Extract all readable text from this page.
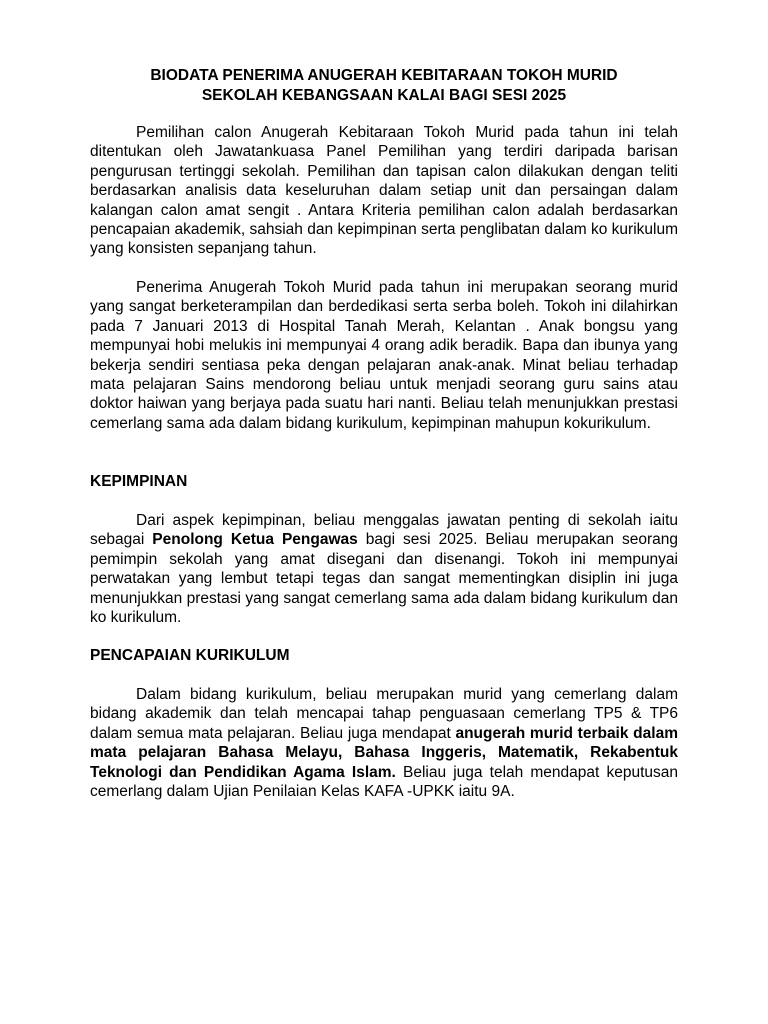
BIODATA PENERIMA ANUGERAH KEBITARAAN TOKOH MURID
SEKOLAH KEBANGSAAN KALAI BAGI SESI 2025

Pemilihan calon Anugerah Kebitaraan Tokoh Murid pada tahun ini telah ditentukan oleh Jawatankuasa Panel Pemilihan yang terdiri daripada barisan pengurusan tertinggi sekolah. Pemilihan dan tapisan calon dilakukan dengan teliti berdasarkan analisis data keseluruhan dalam setiap unit dan persaingan dalam kalangan calon amat sengit . Antara Kriteria pemilihan calon adalah berdasarkan pencapaian akademik, sahsiah dan kepimpinan serta penglibatan dalam ko kurikulum yang konsisten sepanjang tahun.

Penerima Anugerah Tokoh Murid pada tahun ini merupakan seorang murid yang sangat berketerampilan dan berdedikasi serta serba boleh. Tokoh ini dilahirkan pada 7 Januari 2013 di Hospital Tanah Merah, Kelantan . Anak bongsu yang mempunyai hobi melukis ini mempunyai 4 orang adik beradik. Bapa dan ibunya yang bekerja sendiri sentiasa peka dengan pelajaran anak-anak. Minat beliau terhadap mata pelajaran Sains mendorong beliau untuk menjadi seorang guru sains atau doktor haiwan yang berjaya pada suatu hari nanti. Beliau telah menunjukkan prestasi cemerlang sama ada dalam bidang kurikulum, kepimpinan mahupun kokurikulum.

KEPIMPINAN

Dari aspek kepimpinan, beliau menggalas jawatan penting di sekolah iaitu sebagai Penolong Ketua Pengawas bagi sesi 2025. Beliau merupakan seorang pemimpin sekolah yang amat disegani dan disenangi. Tokoh ini mempunyai perwatakan yang lembut tetapi tegas dan sangat mementingkan disiplin ini juga menunjukkan prestasi yang sangat cemerlang sama ada dalam bidang kurikulum dan ko kurikulum.

PENCAPAIAN KURIKULUM

Dalam bidang kurikulum, beliau merupakan murid yang cemerlang dalam bidang akademik dan telah mencapai tahap penguasaan cemerlang TP5 & TP6 dalam semua mata pelajaran. Beliau juga mendapat anugerah murid terbaik dalam mata pelajaran Bahasa Melayu, Bahasa Inggeris, Matematik, Rekabentuk Teknologi dan Pendidikan Agama Islam. Beliau juga telah mendapat keputusan cemerlang dalam Ujian Penilaian Kelas KAFA -UPKK iaitu 9A.
